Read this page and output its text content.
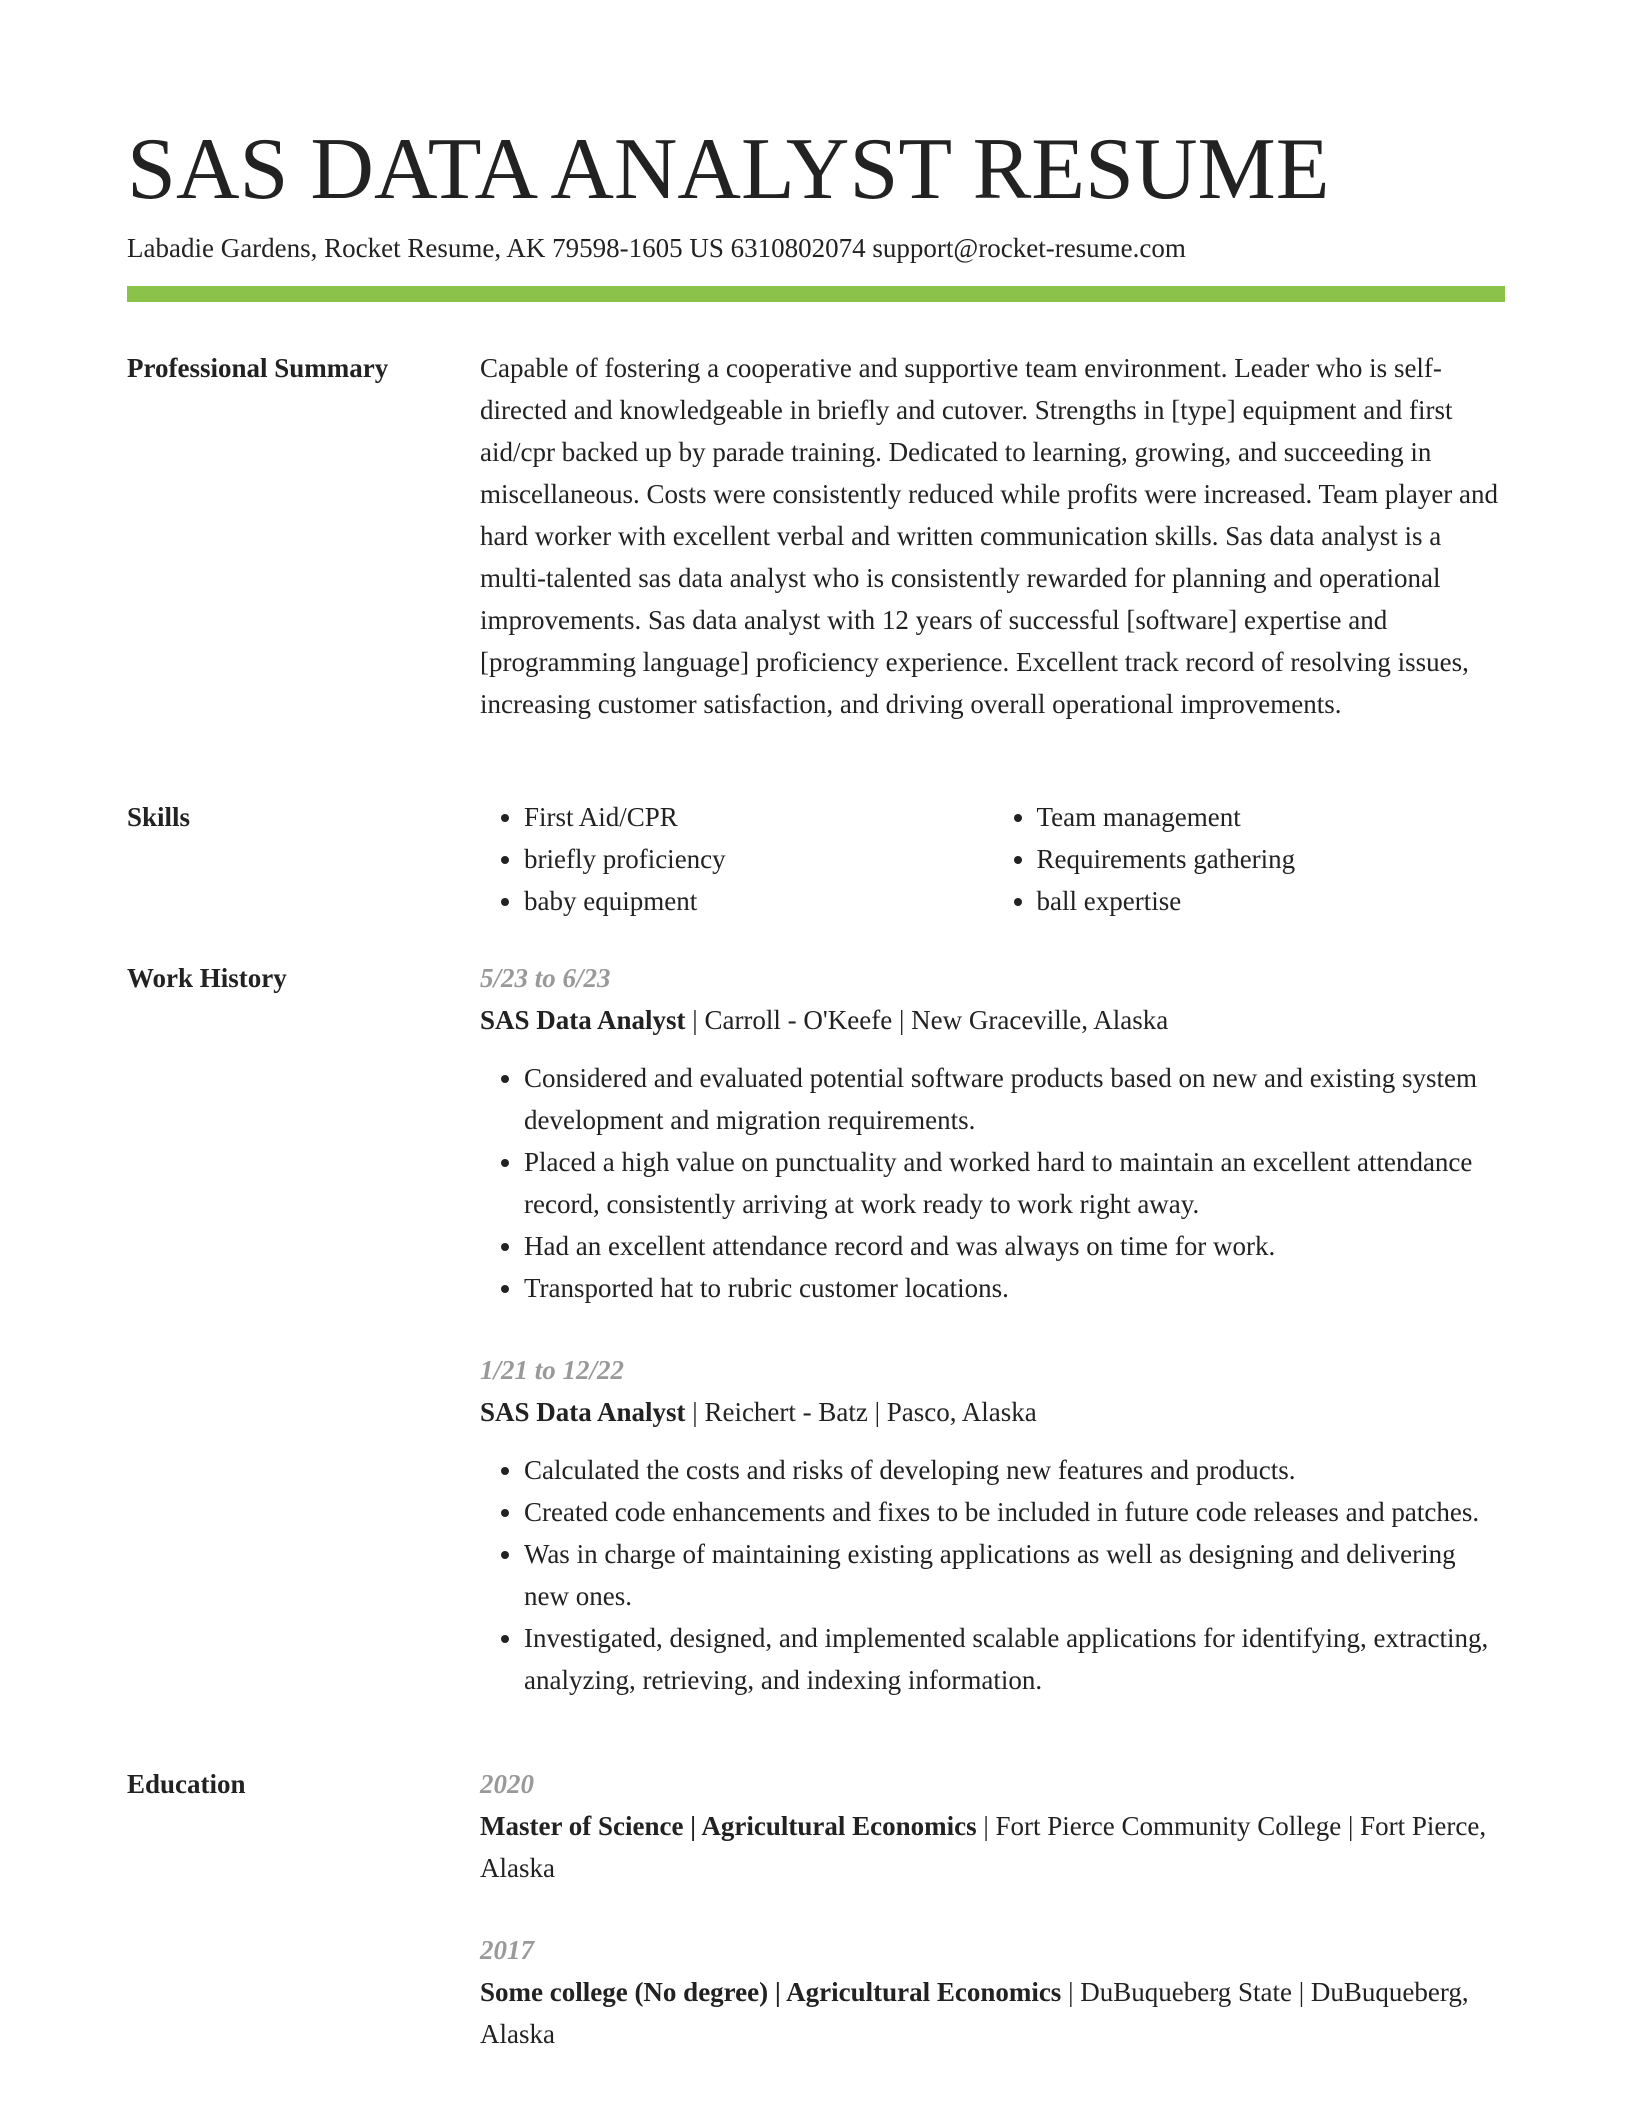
SAS DATA ANALYST RESUME
Labadie Gardens, Rocket Resume, AK 79598-1605 US 6310802074 support@rocket-resume.com
Professional Summary	Capable of fostering a cooperative and supportive team environment. Leader who is self-directed and knowledgeable in briefly and cutover. Strengths in [type] equipment and first aid/cpr backed up by parade training. Dedicated to learning, growing, and succeeding in miscellaneous. Costs were consistently reduced while profits were increased. Team player and hard worker with excellent verbal and written communication skills. Sas data analyst is a multi-talented sas data analyst who is consistently rewarded for planning and operational improvements. Sas data analyst with 12 years of successful [software] expertise and [programming language] proficiency experience. Excellent track record of resolving issues, increasing customer satisfaction, and driving overall operational improvements.

Skills
•	First Aid/CPR
• briefly proficiency
• baby equipment
• Team management
• Requirements gathering
• ball expertise
Work History	5/23 to 6/23

SAS Data Analyst | Carroll - O'Keefe | New Graceville, Alaska

• Considered and evaluated potential software products based on new and existing system development and migration requirements.
• Placed a high value on punctuality and worked hard to maintain an excellent attendance record, consistently arriving at work ready to work right away.
• Had an excellent attendance record and was always on time for work.
• Transported hat to rubric customer locations.
1/21 to 12/22

SAS Data Analyst | Reichert - Batz | Pasco, Alaska

• Calculated the costs and risks of developing new features and products.
• Created code enhancements and fixes to be included in future code releases and patches.
• Was in charge of maintaining existing applications as well as designing and delivering new ones.
• Investigated, designed, and implemented scalable applications for identifying, extracting, analyzing, retrieving, and indexing information.
Education	2020

Master of Science | Agricultural Economics | Fort Pierce Community College | Fort Pierce, Alaska

2017

Some college (No degree) | Agricultural Economics | DuBuqueberg State | DuBuqueberg, Alaska
